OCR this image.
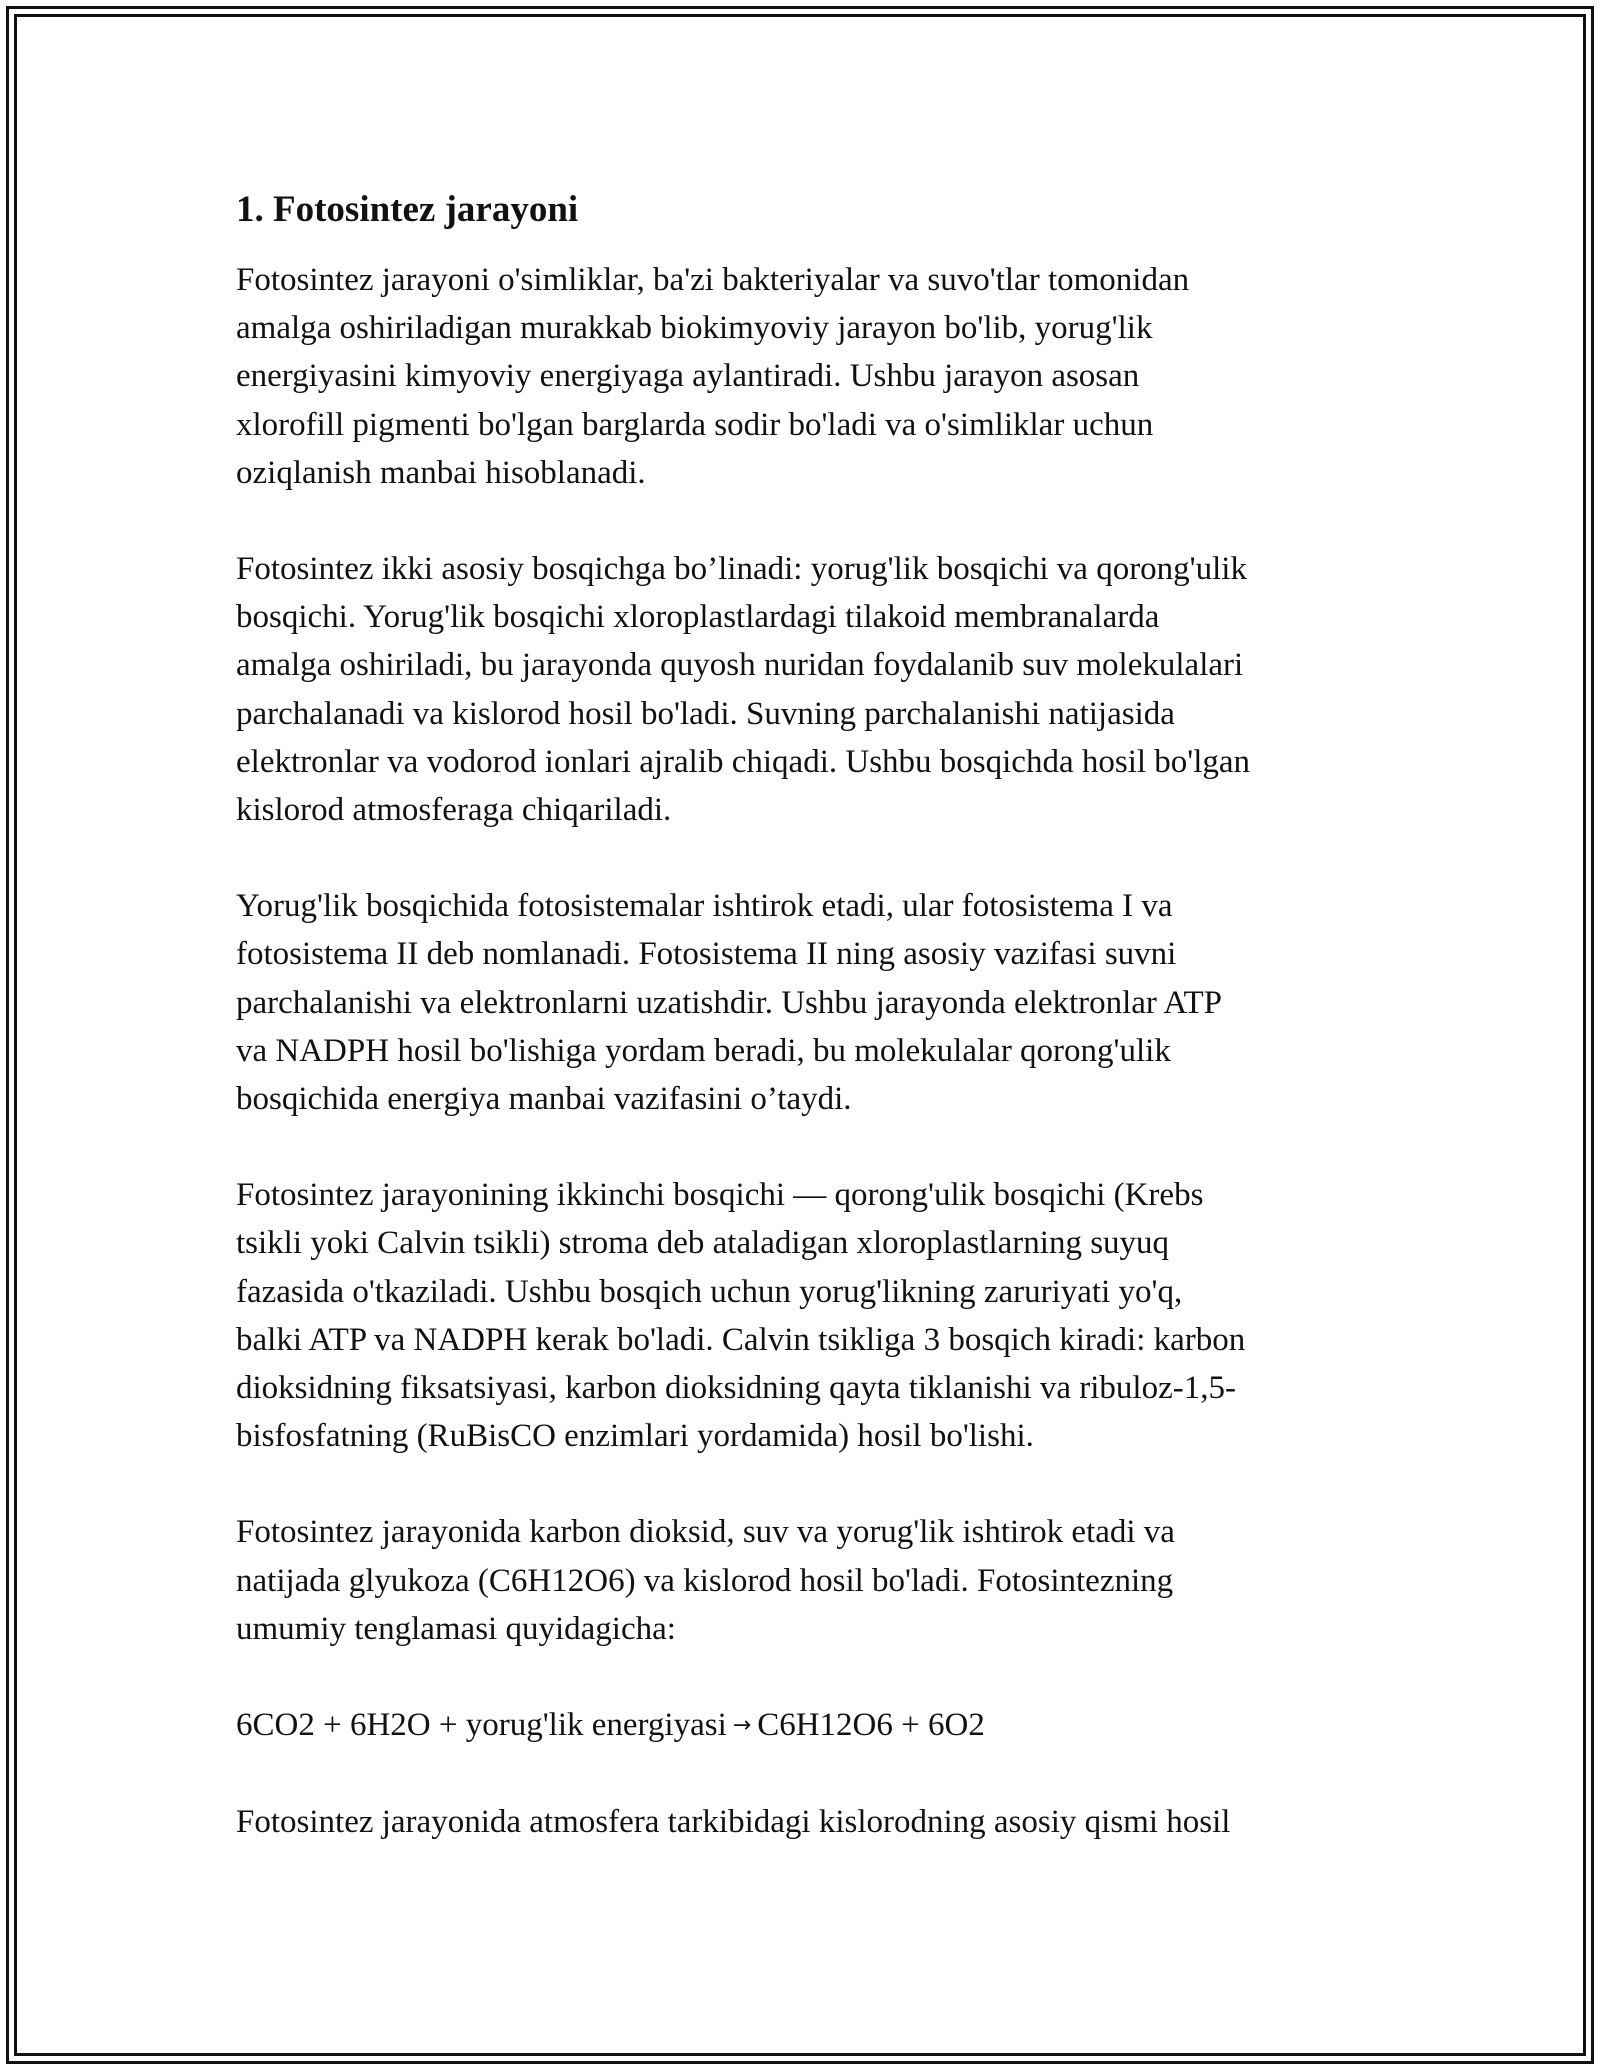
1. Fotosintez jarayoni

Fotosintez jarayoni o'simliklar, ba'zi bakteriyalar va suvo'tlar tomonidan
amalga oshiriladigan murakkab biokimyoviy jarayon bo'lib, yorug'lik
energiyasini kimyoviy energiyaga aylantiradi. Ushbu jarayon asosan
xlorofill pigmenti bo'lgan barglarda sodir bo'ladi va o'simliklar uchun
oziqlanish manbai hisoblanadi.

Fotosintez ikki asosiy bosqichga bo’linadi: yorug'lik bosqichi va qorong'ulik
bosqichi. Yorug'lik bosqichi xloroplastlardagi tilakoid membranalarda
amalga oshiriladi, bu jarayonda quyosh nuridan foydalanib suv molekulalari
parchalanadi va kislorod hosil bo'ladi. Suvning parchalanishi natijasida
elektronlar va vodorod ionlari ajralib chiqadi. Ushbu bosqichda hosil bo'lgan
kislorod atmosferaga chiqariladi.

Yorug'lik bosqichida fotosistemalar ishtirok etadi, ular fotosistema I va
fotosistema II deb nomlanadi. Fotosistema II ning asosiy vazifasi suvni
parchalanishi va elektronlarni uzatishdir. Ushbu jarayonda elektronlar ATP
va NADPH hosil bo'lishiga yordam beradi, bu molekulalar qorong'ulik
bosqichida energiya manbai vazifasini o’taydi.

Fotosintez jarayonining ikkinchi bosqichi — qorong'ulik bosqichi (Krebs
tsikli yoki Calvin tsikli) stroma deb ataladigan xloroplastlarning suyuq
fazasida o'tkaziladi. Ushbu bosqich uchun yorug'likning zaruriyati yo'q,
balki ATP va NADPH kerak bo'ladi. Calvin tsikliga 3 bosqich kiradi: karbon
dioksidning fiksatsiyasi, karbon dioksidning qayta tiklanishi va ribuloz-1,5-
bisfosfatning (RuBisCO enzimlari yordamida) hosil bo'lishi.

Fotosintez jarayonida karbon dioksid, suv va yorug'lik ishtirok etadi va
natijada glyukoza (C6H12O6) va kislorod hosil bo'ladi. Fotosintezning
umumiy tenglamasi quyidagicha:

6CO2 + 6H2O + yorug'lik energiyasi → C6H12O6 + 6O2

Fotosintez jarayonida atmosfera tarkibidagi kislorodning asosiy qismi hosil
